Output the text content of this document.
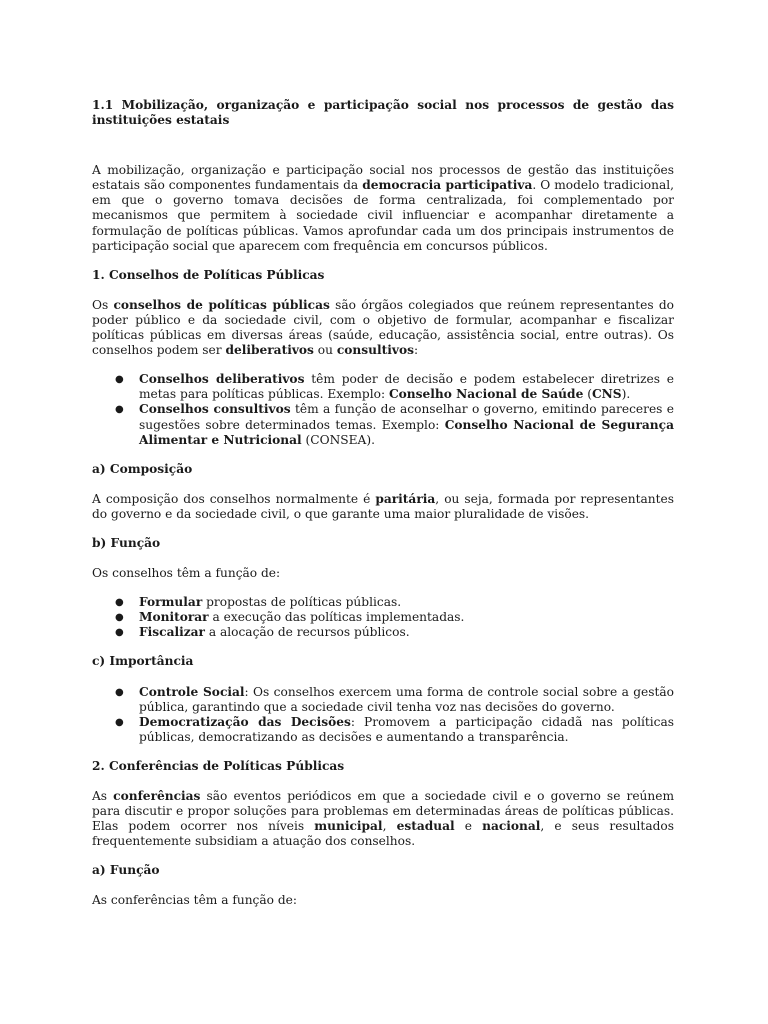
1.1 Mobilização, organização e participação social nos processos de gestão das instituições estatais

A mobilização, organização e participação social nos processos de gestão das instituições estatais são componentes fundamentais da democracia participativa. O modelo tradicional, em que o governo tomava decisões de forma centralizada, foi complementado por mecanismos que permitem à sociedade civil influenciar e acompanhar diretamente a formulação de políticas públicas. Vamos aprofundar cada um dos principais instrumentos de participação social que aparecem com frequência em concursos públicos.

1. Conselhos de Políticas Públicas

Os conselhos de políticas públicas são órgãos colegiados que reúnem representantes do poder público e da sociedade civil, com o objetivo de formular, acompanhar e fiscalizar políticas públicas em diversas áreas (saúde, educação, assistência social, entre outras). Os conselhos podem ser deliberativos ou consultivos:

● Conselhos deliberativos têm poder de decisão e podem estabelecer diretrizes e metas para políticas públicas. Exemplo: Conselho Nacional de Saúde (CNS).
● Conselhos consultivos têm a função de aconselhar o governo, emitindo pareceres e sugestões sobre determinados temas. Exemplo: Conselho Nacional de Segurança Alimentar e Nutricional (CONSEA).
a) Composição

A composição dos conselhos normalmente é paritária, ou seja, formada por representantes do governo e da sociedade civil, o que garante uma maior pluralidade de visões.

b) Função

Os conselhos têm a função de:

● Formular propostas de políticas públicas.
● Monitorar a execução das políticas implementadas.
● Fiscalizar a alocação de recursos públicos.
c) Importância
● Controle Social: Os conselhos exercem uma forma de controle social sobre a gestão pública, garantindo que a sociedade civil tenha voz nas decisões do governo.
● Democratização das Decisões: Promovem a participação cidadã nas políticas públicas, democratizando as decisões e aumentando a transparência.
2. Conferências de Políticas Públicas

As conferências são eventos periódicos em que a sociedade civil e o governo se reúnem para discutir e propor soluções para problemas em determinadas áreas de políticas públicas. Elas podem ocorrer nos níveis municipal, estadual e nacional, e seus resultados frequentemente subsidiam a atuação dos conselhos.

a) Função

As conferências têm a função de:
